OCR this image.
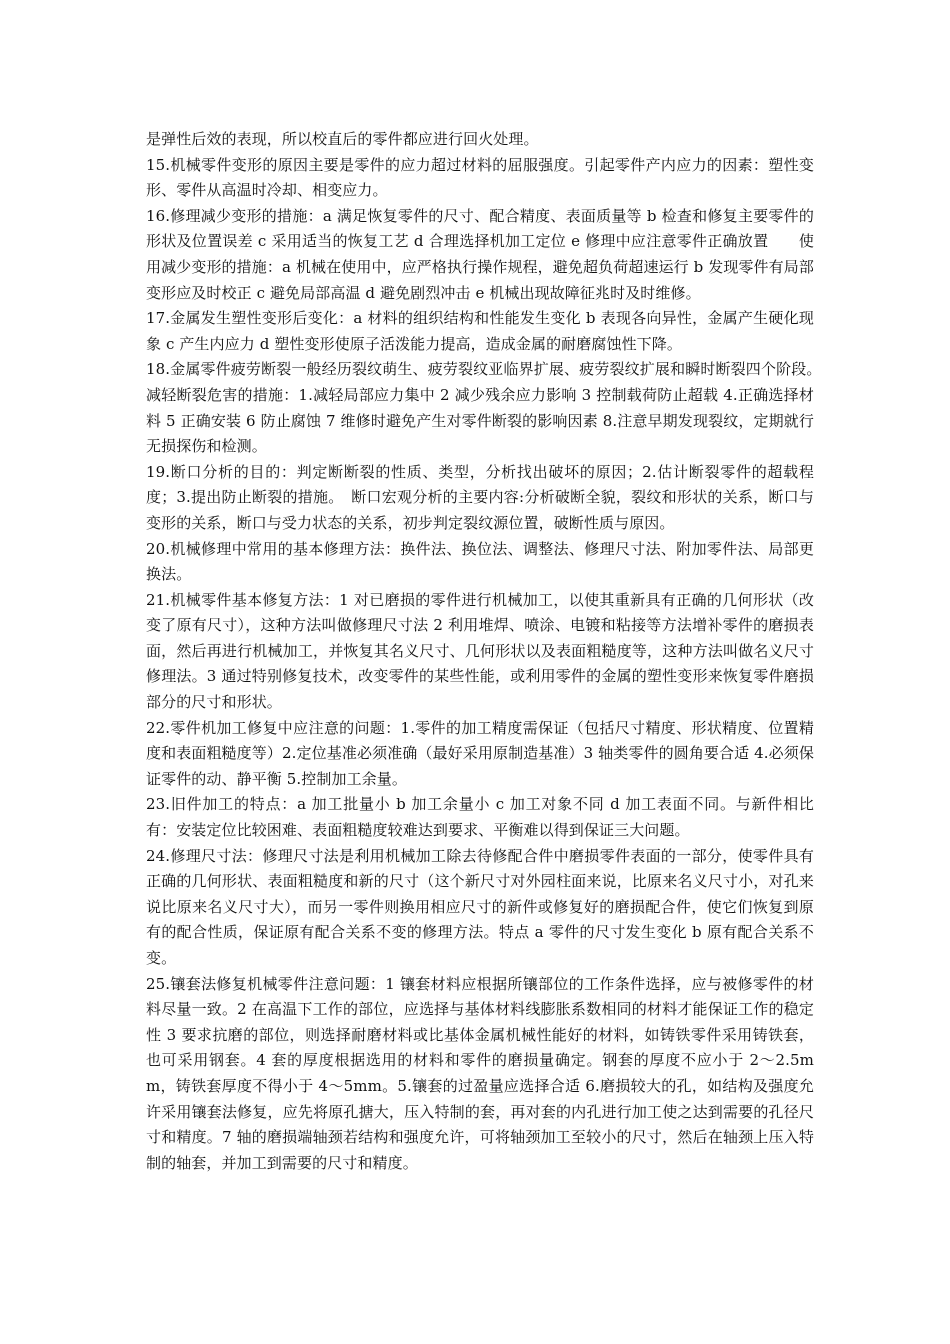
是弹性后效的表现，所以校直后的零件都应进行回火处理。

15.机械零件变形的原因主要是零件的应力超过材料的屈服强度。引起零件产内应力的因素：塑性变形、零件从高温时冷却、相变应力。

16.修理减少变形的措施：a 满足恢复零件的尺寸、配合精度、表面质量等 b 检查和修复主要零件的形状及位置误差 c 采用适当的恢复工艺 d 合理选择机加工定位 e 修理中应注意零件正确放置　　使用减少变形的措施：a 机械在使用中，应严格执行操作规程，避免超负荷超速运行 b 发现零件有局部变形应及时校正 c 避免局部高温 d 避免剧烈冲击 e 机械出现故障征兆时及时维修。

17.金属发生塑性变形后变化：a 材料的组织结构和性能发生变化 b 表现各向异性，金属产生硬化现象 c 产生内应力 d 塑性变形使原子活泼能力提高，造成金属的耐磨腐蚀性下降。

18.金属零件疲劳断裂一般经历裂纹萌生、疲劳裂纹亚临界扩展、疲劳裂纹扩展和瞬时断裂四个阶段。　减轻断裂危害的措施：1.减轻局部应力集中 2 减少残余应力影响 3 控制载荷防止超载 4.正确选择材料 5 正确安装 6 防止腐蚀 7 维修时避免产生对零件断裂的影响因素 8.注意早期发现裂纹，定期就行无损探伤和检测。

19.断口分析的目的：判定断断裂的性质、类型，分析找出破坏的原因；2.估计断裂零件的超载程度；3.提出防止断裂的措施。　断口宏观分析的主要内容:分析破断全貌，裂纹和形状的关系，断口与变形的关系，断口与受力状态的关系，初步判定裂纹源位置，破断性质与原因。

20.机械修理中常用的基本修理方法：换件法、换位法、调整法、修理尺寸法、附加零件法、局部更换法。

21.机械零件基本修复方法：1 对已磨损的零件进行机械加工，以使其重新具有正确的几何形状（改变了原有尺寸），这种方法叫做修理尺寸法 2 利用堆焊、喷涂、电镀和粘接等方法增补零件的磨损表面，然后再进行机械加工，并恢复其名义尺寸、几何形状以及表面粗糙度等，这种方法叫做名义尺寸修理法。3 通过特别修复技术，改变零件的某些性能，或利用零件的金属的塑性变形来恢复零件磨损部分的尺寸和形状。

22.零件机加工修复中应注意的问题：1.零件的加工精度需保证（包括尺寸精度、形状精度、位置精度和表面粗糙度等）2.定位基准必须准确（最好采用原制造基准）3 轴类零件的圆角要合适 4.必须保证零件的动、静平衡 5.控制加工余量。

23.旧件加工的特点：a 加工批量小 b 加工余量小 c 加工对象不同 d 加工表面不同。与新件相比有：安装定位比较困难、表面粗糙度较难达到要求、平衡难以得到保证三大问题。

24.修理尺寸法：修理尺寸法是利用机械加工除去待修配合件中磨损零件表面的一部分，使零件具有正确的几何形状、表面粗糙度和新的尺寸（这个新尺寸对外园柱面来说，比原来名义尺寸小，对孔来说比原来名义尺寸大），而另一零件则换用相应尺寸的新件或修复好的磨损配合件，使它们恢复到原有的配合性质，保证原有配合关系不变的修理方法。特点 a 零件的尺寸发生变化 b 原有配合关系不变。

25.镶套法修复机械零件注意问题：1 镶套材料应根据所镶部位的工作条件选择，应与被修零件的材料尽量一致。2 在高温下工作的部位，应选择与基体材料线膨胀系数相同的材料才能保证工作的稳定性 3 要求抗磨的部位，则选择耐磨材料或比基体金属机械性能好的材料，如铸铁零件采用铸铁套，也可采用钢套。4 套的厚度根据选用的材料和零件的磨损量确定。钢套的厚度不应小于 2～2.5mm，铸铁套厚度不得小于 4～5mm。5.镶套的过盈量应选择合适 6.磨损较大的孔，如结构及强度允许采用镶套法修复，应先将原孔搪大，压入特制的套，再对套的内孔进行加工使之达到需要的孔径尺寸和精度。7 轴的磨损端轴颈若结构和强度允许，可将轴颈加工至较小的尺寸，然后在轴颈上压入特制的轴套，并加工到需要的尺寸和精度。
